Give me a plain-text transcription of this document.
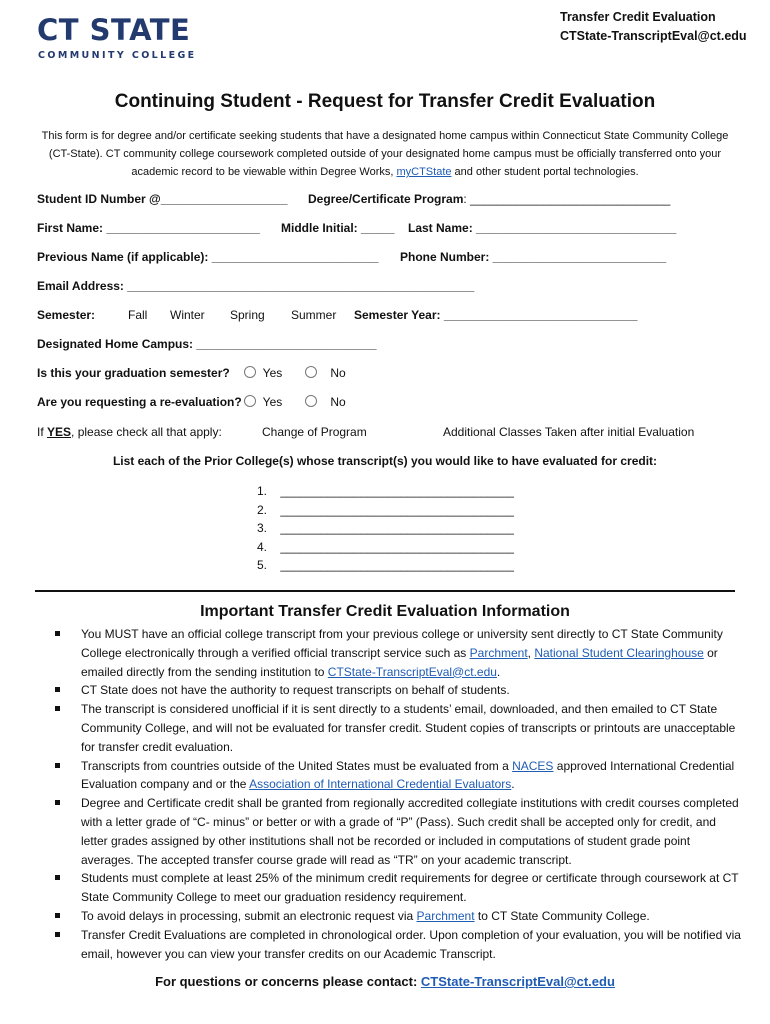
CT STATE
COMMUNITY COLLEGE
Transfer Credit Evaluation
CTState-TranscriptEval@ct.edu
Continuing Student - Request for Transfer Credit Evaluation
This form is for degree and/or certificate seeking students that have a designated home campus within Connecticut State Community College (CT-State). CT community college coursework completed outside of your designated home campus must be officially transferred onto your academic record to be viewable within Degree Works, myCTState and other student portal technologies.
Student ID Number @___________________ Degree/Certificate Program: ______________________________
First Name: _______________________ Middle Initial: _____ Last Name: ______________________________
Previous Name (if applicable): _________________________ Phone Number: __________________________
Email Address: ____________________________________________________
Semester:	Fall Winter Spring Summer Semester Year: _____________________________
Designated Home Campus: ___________________________
Is this your graduation semester?	Yes	No
Are you requesting a re-evaluation?	Yes	No
If YES, please check all that apply:	Change of Program	Additional Classes Taken after initial Evaluation
List each of the Prior College(s) whose transcript(s) you would like to have evaluated for credit:
1. ___________________________________
2. ___________________________________
3. ___________________________________
4. ___________________________________
5. ___________________________________
Important Transfer Credit Evaluation Information
You MUST have an official college transcript from your previous college or university sent directly to CT State Community College electronically through a verified official transcript service such as Parchment, National Student Clearinghouse or emailed directly from the sending institution to CTState-TranscriptEval@ct.edu.
CT State does not have the authority to request transcripts on behalf of students.
The transcript is considered unofficial if it is sent directly to a students’ email, downloaded, and then emailed to CT State Community College, and will not be evaluated for transfer credit. Student copies of transcripts or printouts are unacceptable for transfer credit evaluation.
Transcripts from countries outside of the United States must be evaluated from a NACES approved International Credential Evaluation company and or the Association of International Credential Evaluators.
Degree and Certificate credit shall be granted from regionally accredited collegiate institutions with credit courses completed with a letter grade of “C- minus” or better or with a grade of “P” (Pass). Such credit shall be accepted only for credit, and letter grades assigned by other institutions shall not be recorded or included in computations of student grade point averages. The accepted transfer course grade will read as “TR” on your academic transcript.
Students must complete at least 25% of the minimum credit requirements for degree or certificate through coursework at CT State Community College to meet our graduation residency requirement.
To avoid delays in processing, submit an electronic request via Parchment to CT State Community College.
Transfer Credit Evaluations are completed in chronological order. Upon completion of your evaluation, you will be notified via email, however you can view your transfer credits on our Academic Transcript.
For questions or concerns please contact: CTState-TranscriptEval@ct.edu
